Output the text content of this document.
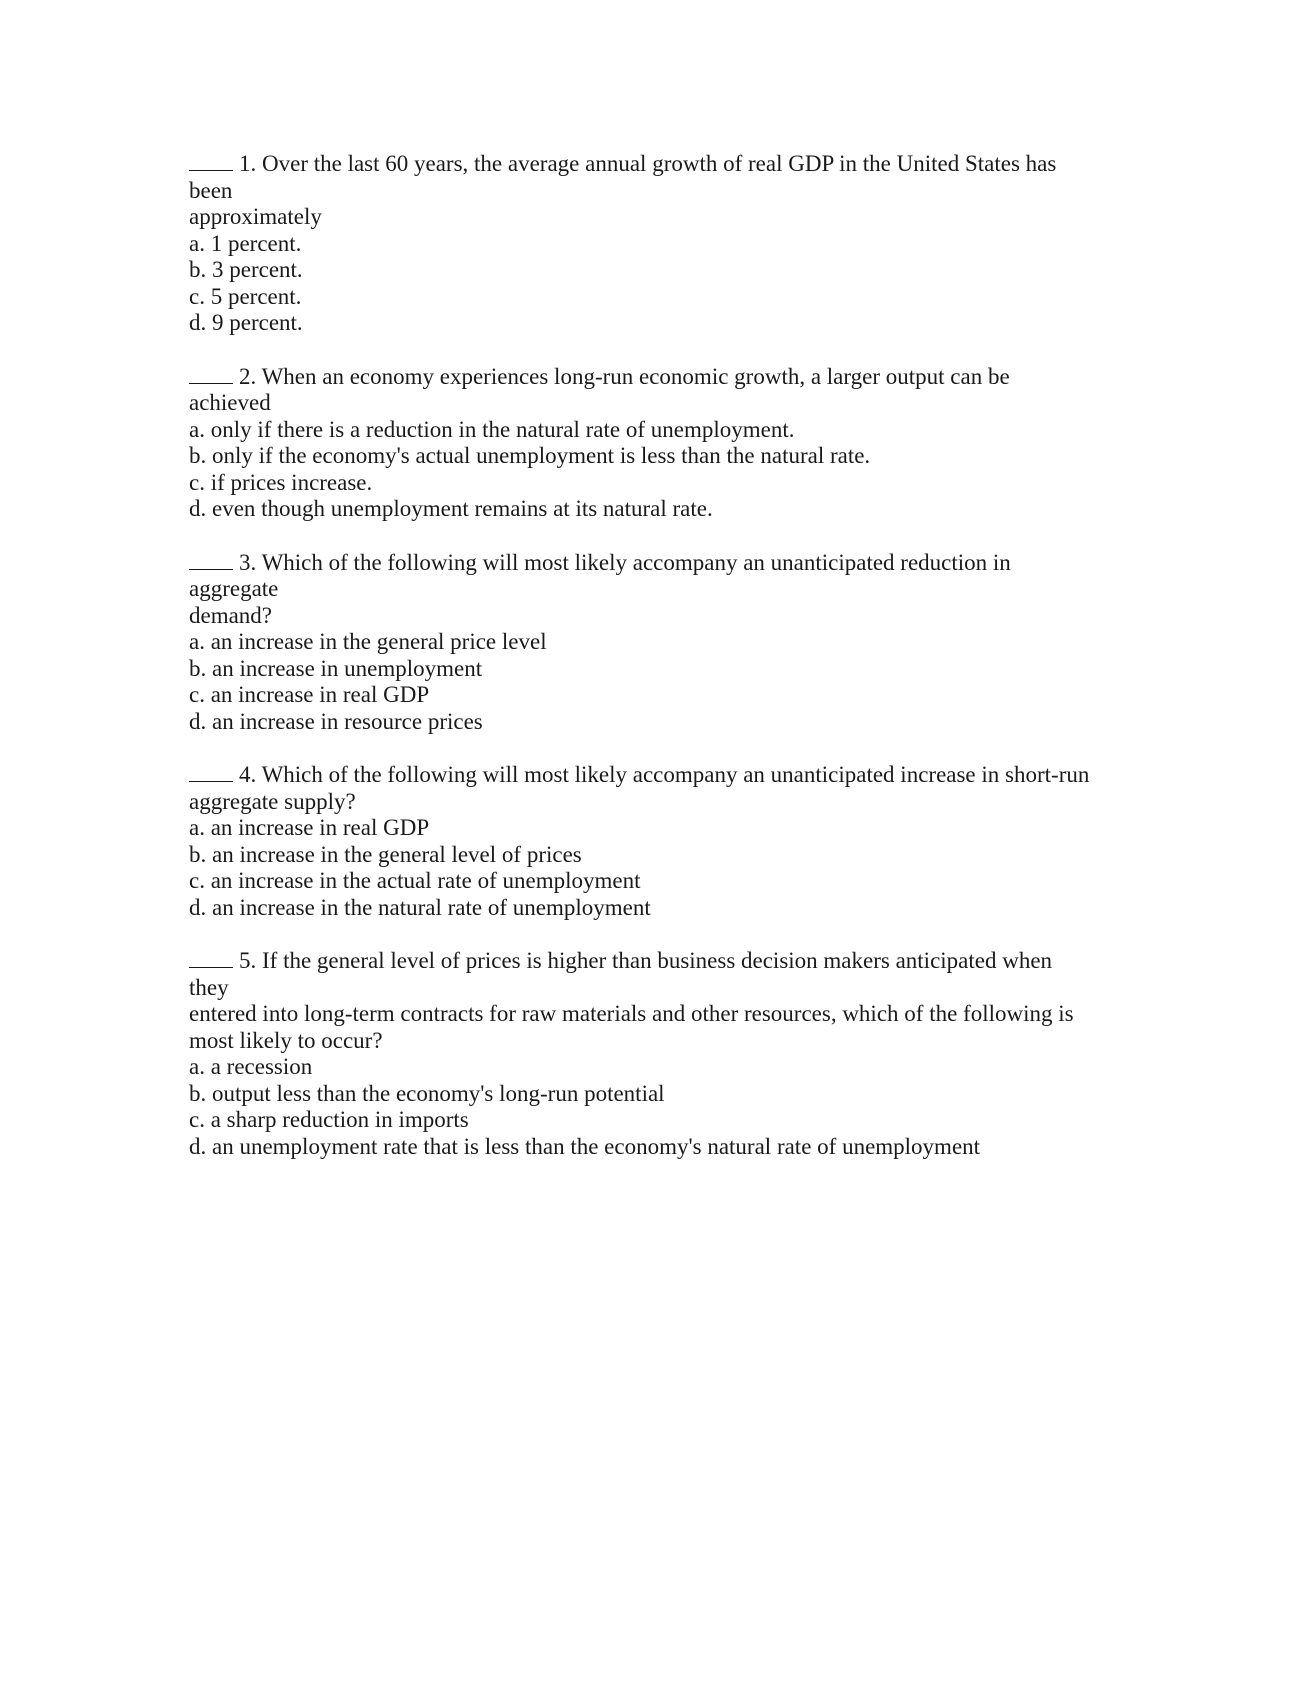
1. Over the last 60 years, the average annual growth of real GDP in the United States has
been
approximately
a. 1 percent.
b. 3 percent.
c. 5 percent.
d. 9 percent.
2. When an economy experiences long-run economic growth, a larger output can be
achieved
a. only if there is a reduction in the natural rate of unemployment.
b. only if the economy's actual unemployment is less than the natural rate.
c. if prices increase.
d. even though unemployment remains at its natural rate.
3. Which of the following will most likely accompany an unanticipated reduction in
aggregate
demand?
a. an increase in the general price level
b. an increase in unemployment
c. an increase in real GDP
d. an increase in resource prices
4. Which of the following will most likely accompany an unanticipated increase in short-run
aggregate supply?
a. an increase in real GDP
b. an increase in the general level of prices
c. an increase in the actual rate of unemployment
d. an increase in the natural rate of unemployment
5. If the general level of prices is higher than business decision makers anticipated when
they
entered into long-term contracts for raw materials and other resources, which of the following is
most likely to occur?
a. a recession
b. output less than the economy's long-run potential
c. a sharp reduction in imports
d. an unemployment rate that is less than the economy's natural rate of unemployment
